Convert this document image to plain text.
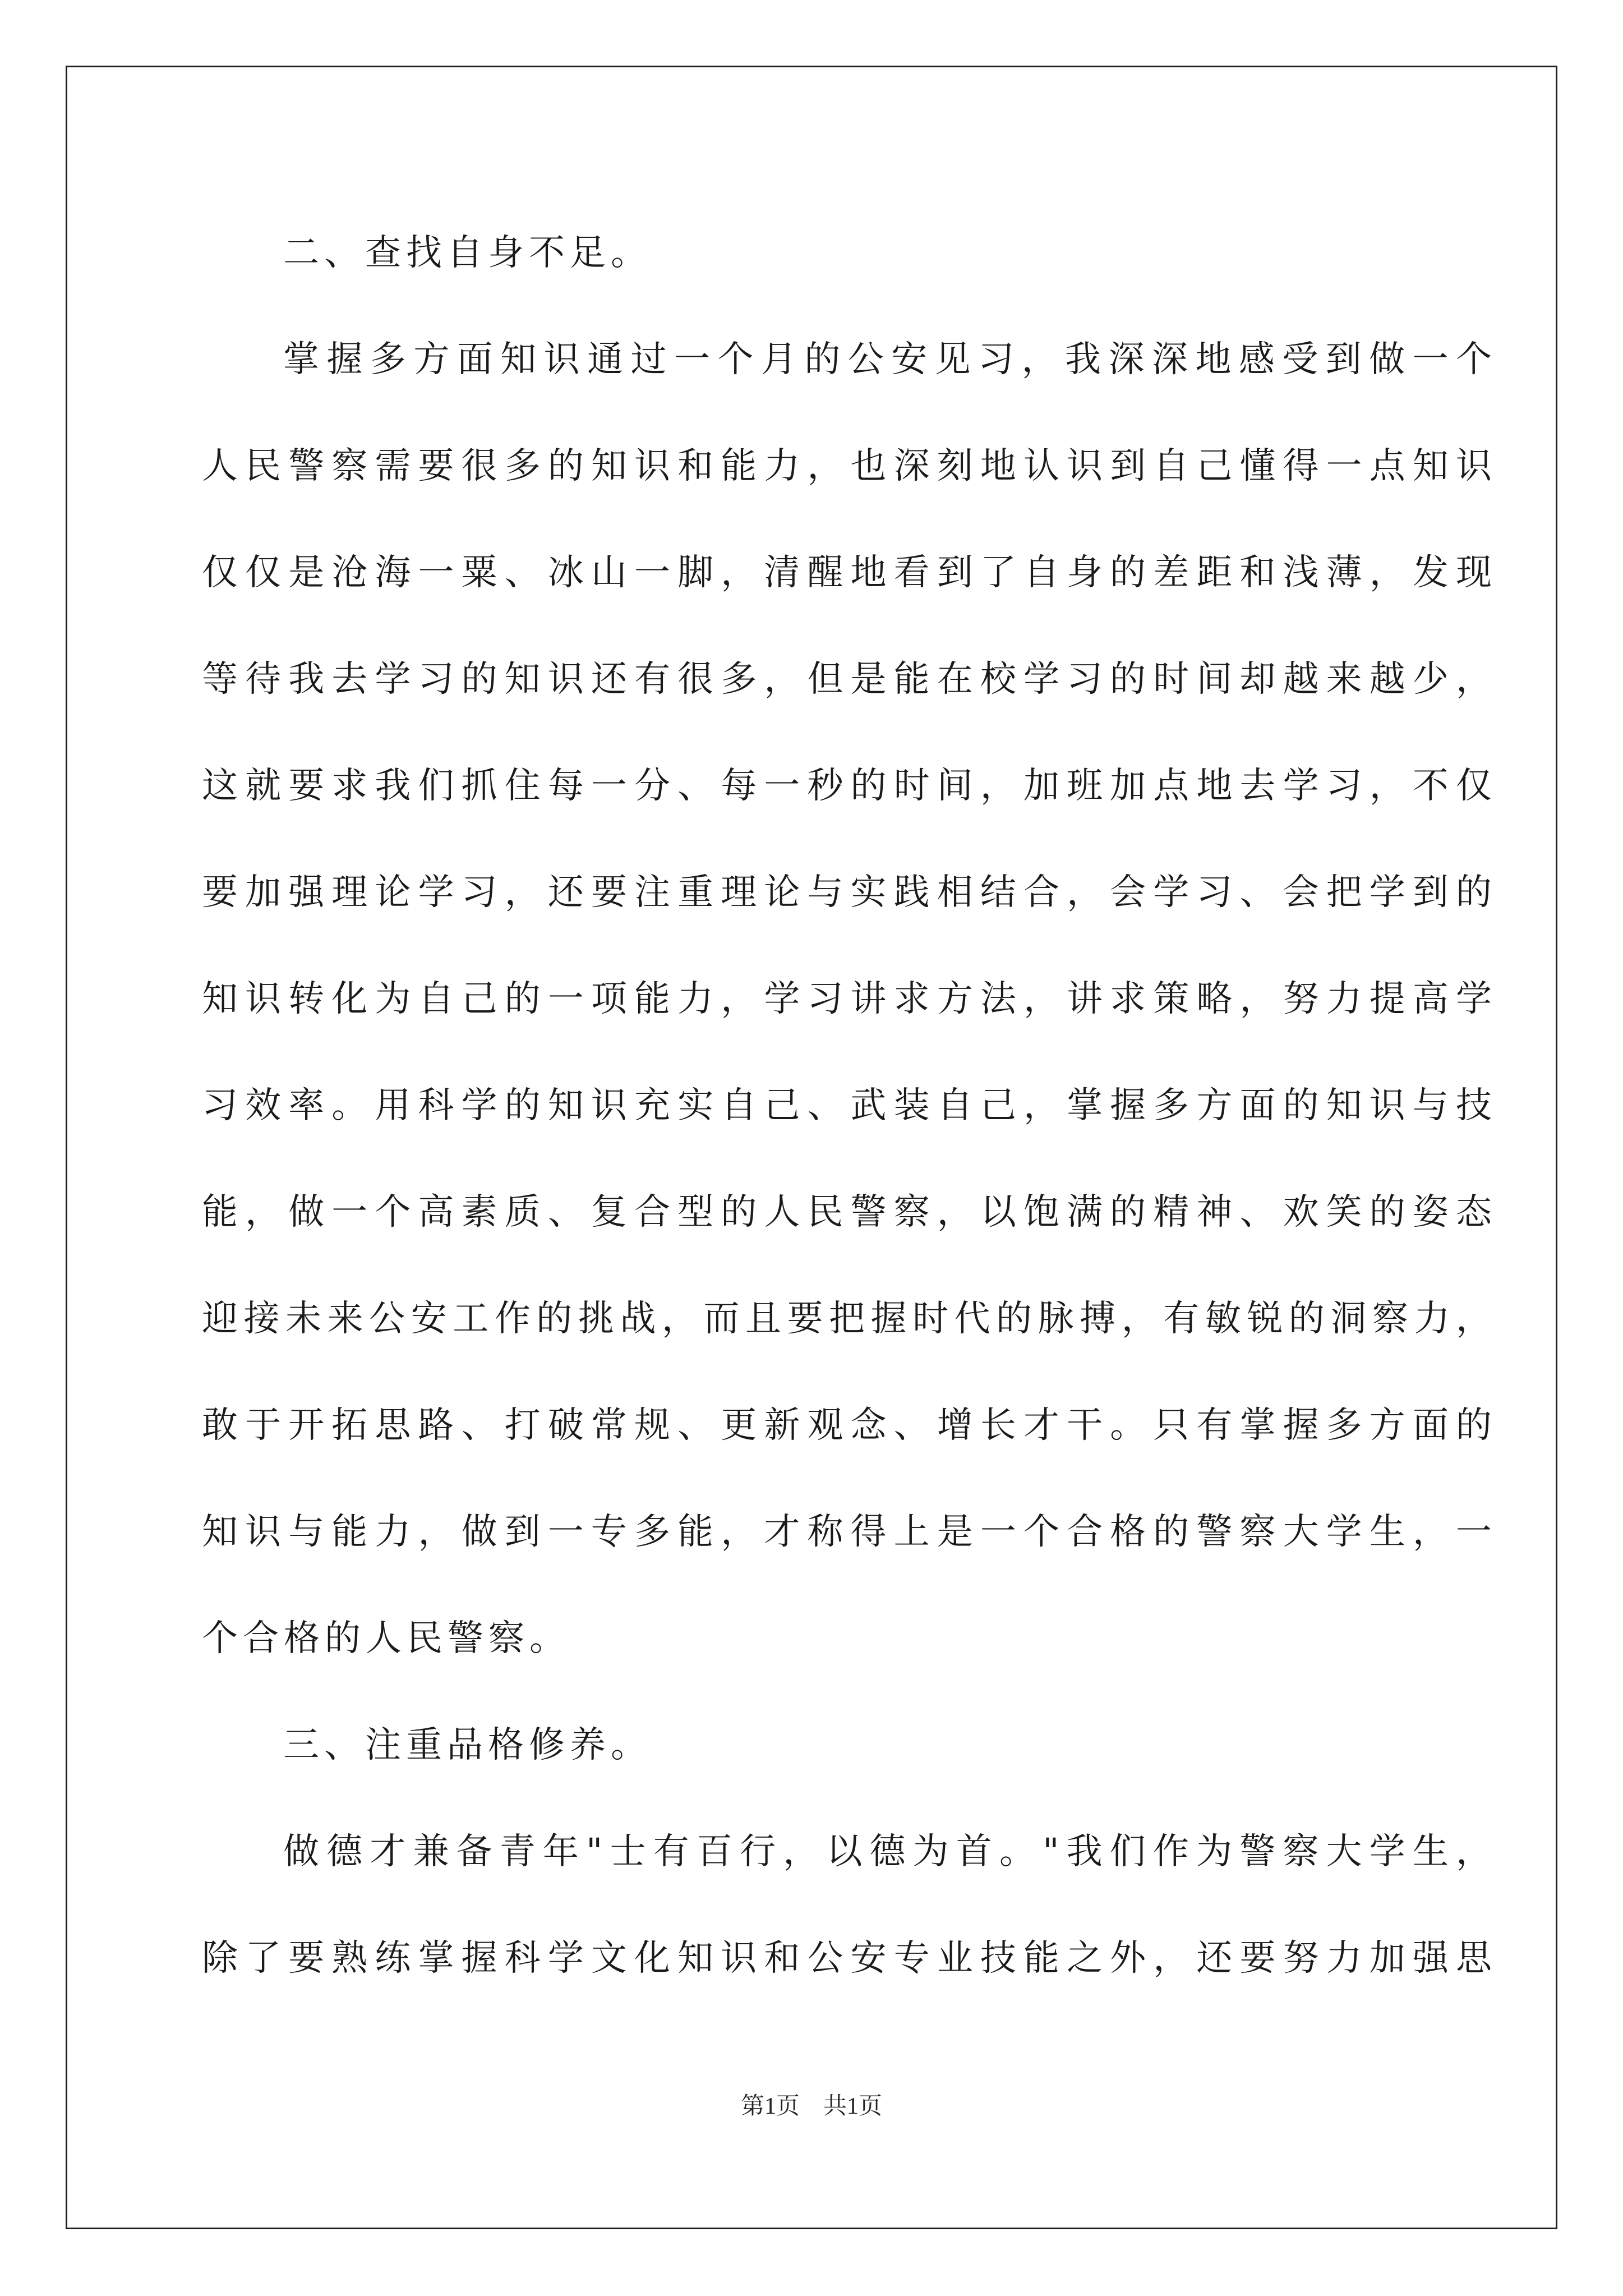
二、查找自身不足。
掌握多方面知识通过一个月的公安见习，我深深地感受到做一个
人民警察需要很多的知识和能力，也深刻地认识到自己懂得一点知识
仅仅是沧海一粟、冰山一脚，清醒地看到了自身的差距和浅薄，发现
等待我去学习的知识还有很多，但是能在校学习的时间却越来越少，
这就要求我们抓住每一分、每一秒的时间，加班加点地去学习，不仅
要加强理论学习，还要注重理论与实践相结合，会学习、会把学到的
知识转化为自己的一项能力，学习讲求方法，讲求策略，努力提高学
习效率。用科学的知识充实自己、武装自己，掌握多方面的知识与技
能，做一个高素质、复合型的人民警察，以饱满的精神、欢笑的姿态
迎接未来公安工作的挑战，而且要把握时代的脉搏，有敏锐的洞察力，
敢于开拓思路、打破常规、更新观念、增长才干。只有掌握多方面的
知识与能力，做到一专多能，才称得上是一个合格的警察大学生，一
个合格的人民警察。
三、注重品格修养。
做德才兼备青年"士有百行，以德为首。"我们作为警察大学生，
除了要熟练掌握科学文化知识和公安专业技能之外，还要努力加强思
第1页　共1页
